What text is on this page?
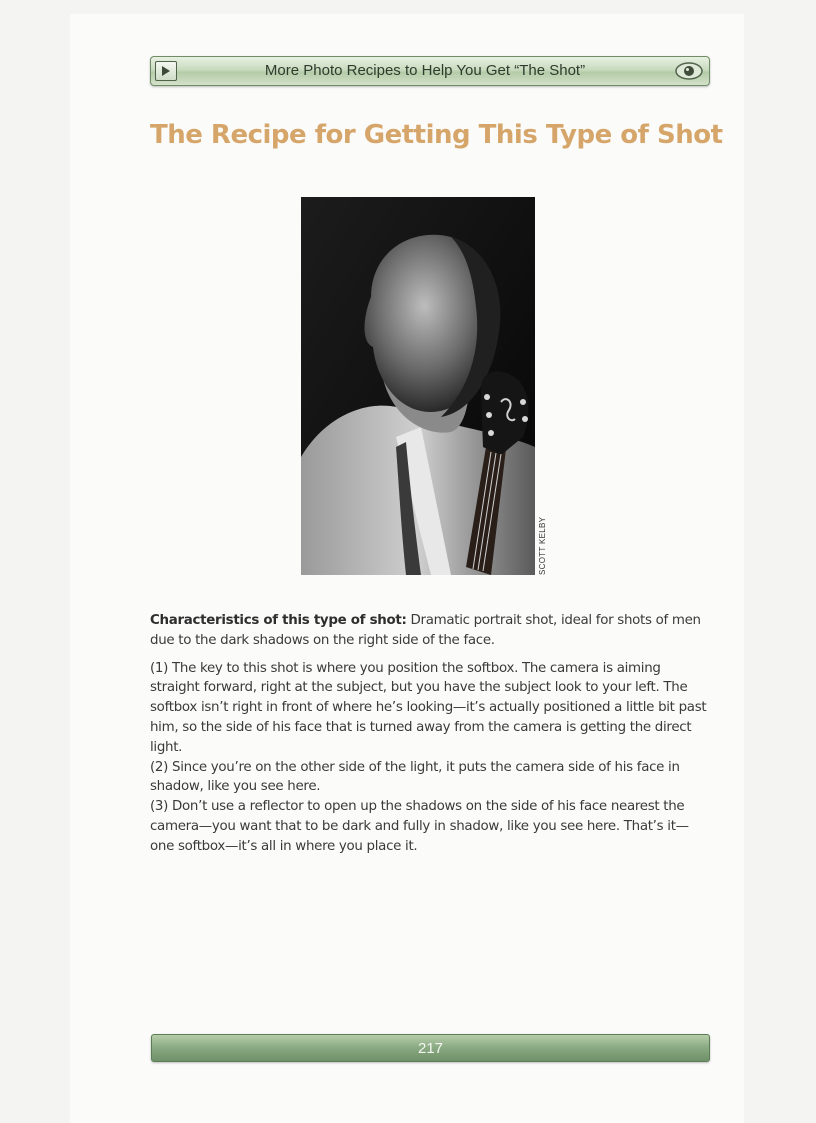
More Photo Recipes to Help You Get “The Shot”
The Recipe for Getting This Type of Shot
SCOTT KELBY

Characteristics of this type of shot: Dramatic portrait shot, ideal for shots of men due to the dark shadows on the right side of the face.

(1) The key to this shot is where you position the softbox. The camera is aiming straight forward, right at the subject, but you have the subject look to your left. The softbox isn’t right in front of where he’s looking—it’s actually positioned a little bit past him, so the side of his face that is turned away from the camera is getting the direct light.

(2) Since you’re on the other side of the light, it puts the camera side of his face in shadow, like you see here.

(3) Don’t use a reflector to open up the shadows on the side of his face nearest the camera—you want that to be dark and fully in shadow, like you see here. That’s it—one softbox—it’s all in where you place it.

217
